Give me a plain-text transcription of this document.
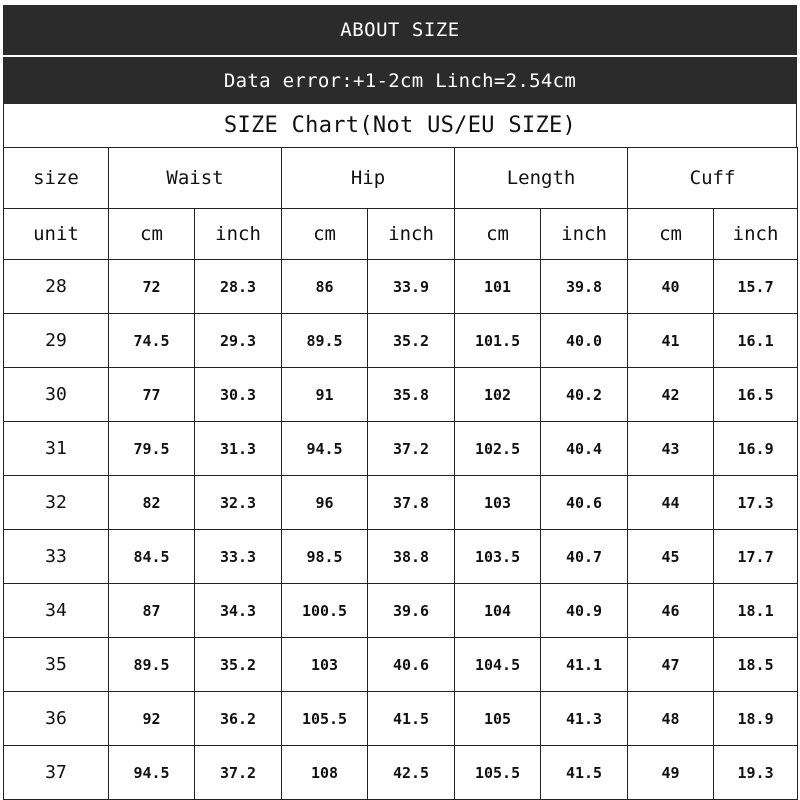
ABOUT SIZE
Data error:+1-2cm Linch=2.54cm
SIZE Chart(Not US/EU SIZE)
size	Waist		Hip		Length		Cuff	
unit	cm	inch	cm	inch	cm	inch	cm	inch
28	72	28.3	86	33.9	101	39.8	40	15.7
29	74.5	29.3	89.5	35.2	101.5	40.0	41	16.1
30	77	30.3	91	35.8	102	40.2	42	16.5
31	79.5	31.3	94.5	37.2	102.5	40.4	43	16.9
32	82	32.3	96	37.8	103	40.6	44	17.3
33	84.5	33.3	98.5	38.8	103.5	40.7	45	17.7
34	87	34.3	100.5	39.6	104	40.9	46	18.1
35	89.5	35.2	103	40.6	104.5	41.1	47	18.5
36	92	36.2	105.5	41.5	105	41.3	48	18.9
37	94.5	37.2	108	42.5	105.5	41.5	49	19.3
